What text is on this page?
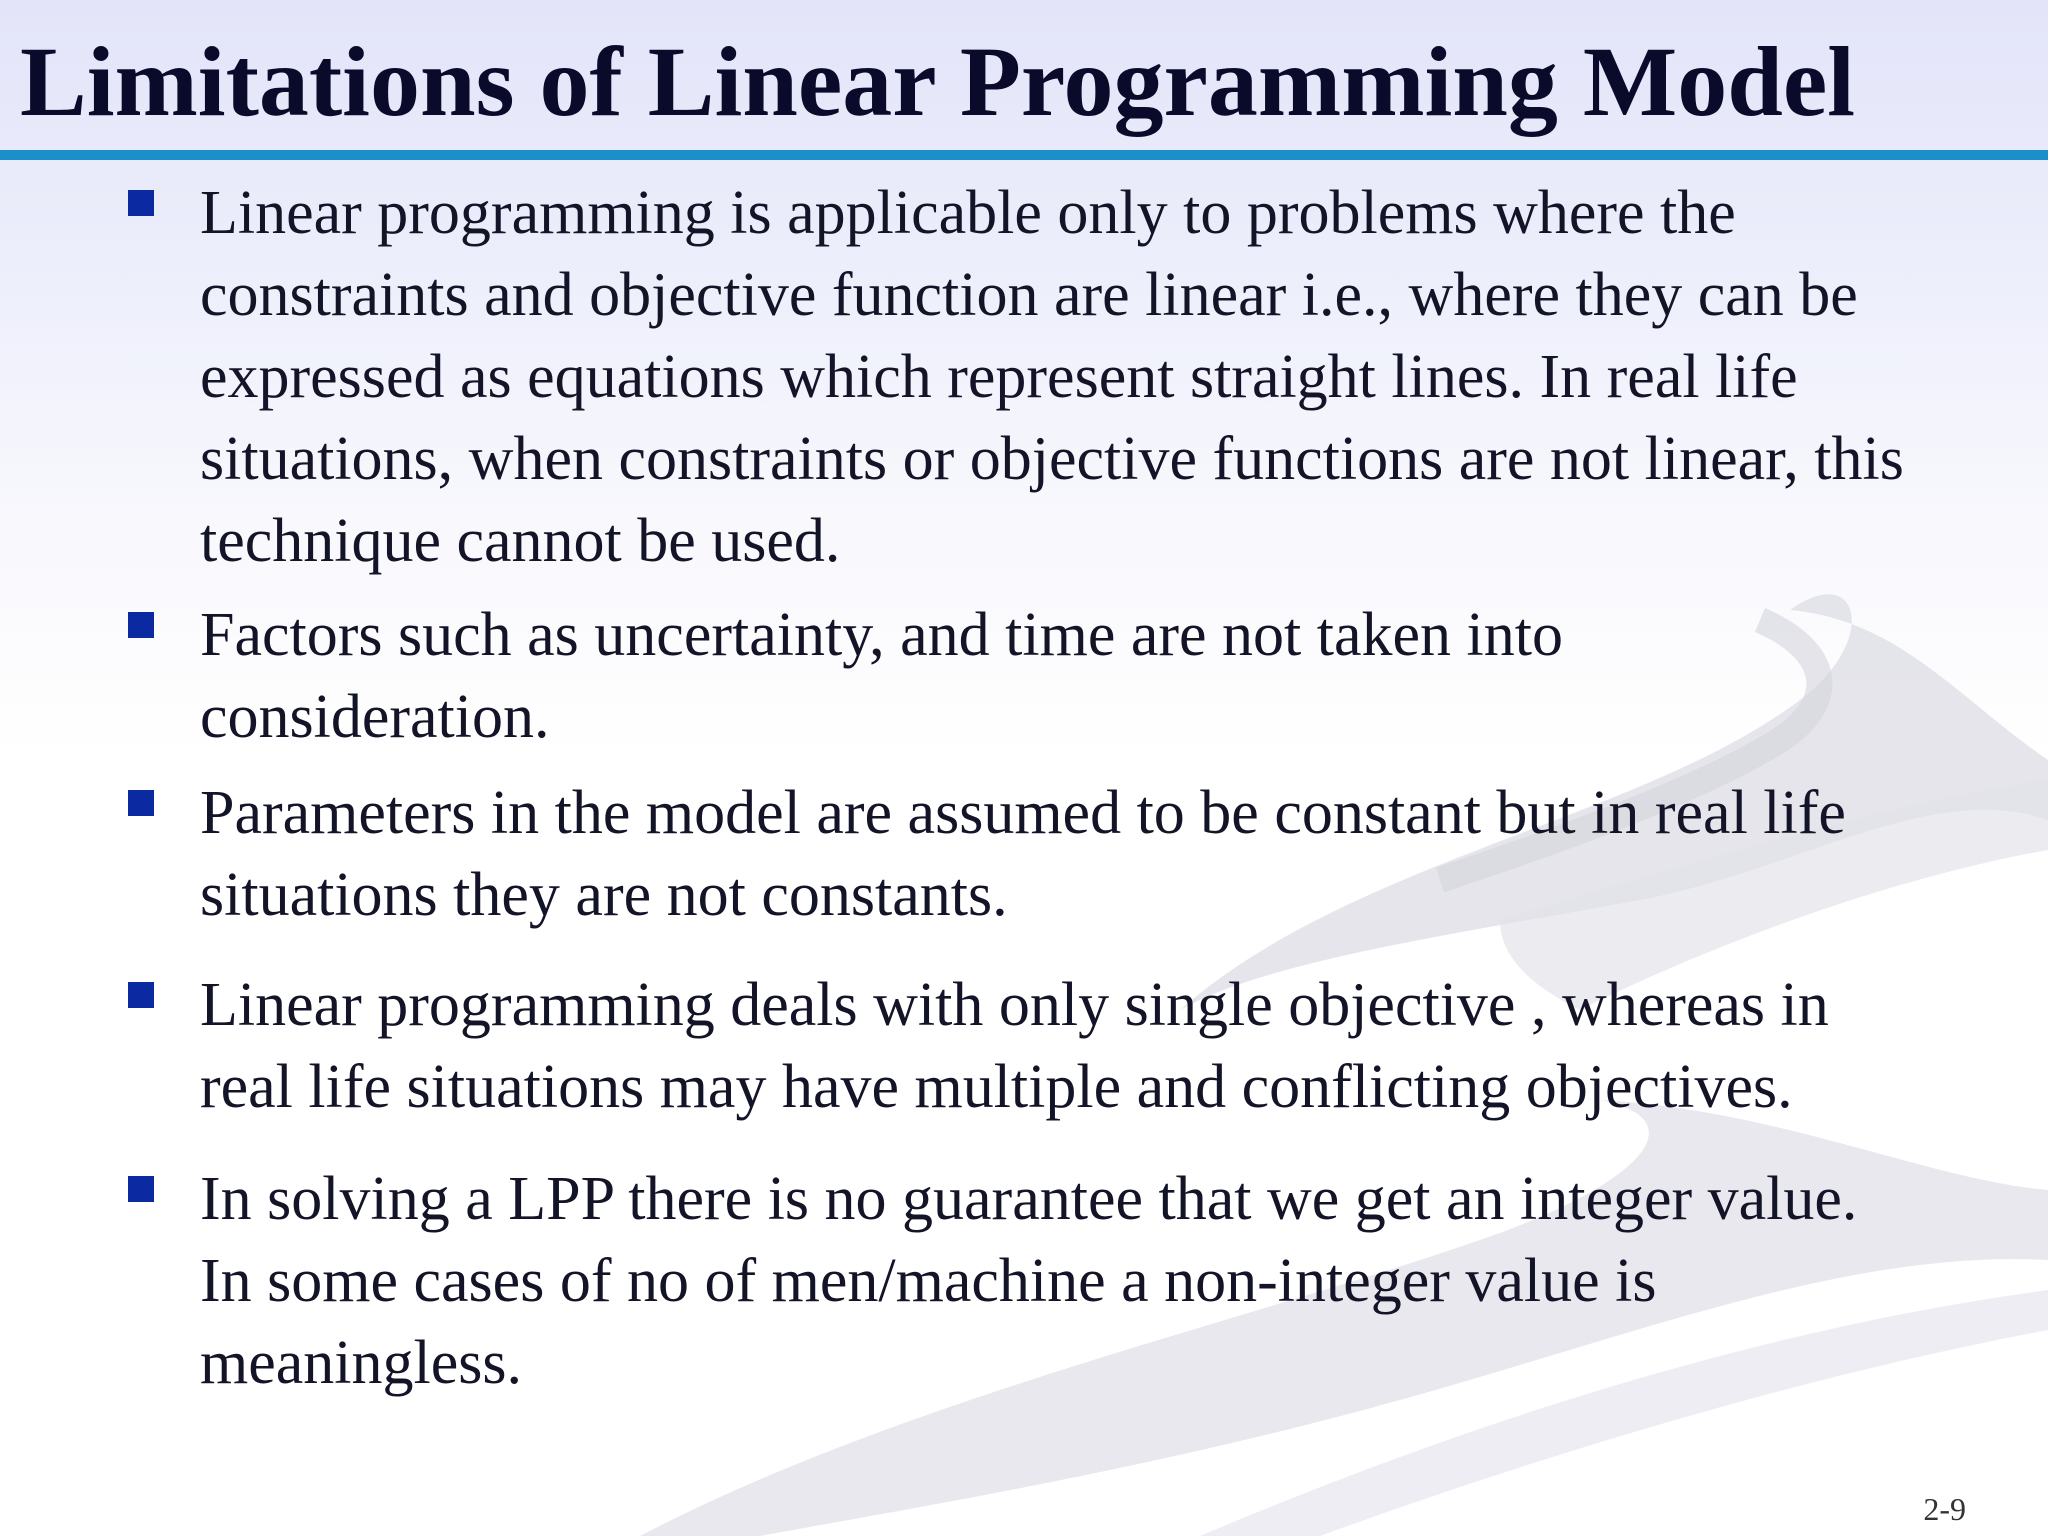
Limitations of Linear Programming Model
Linear programming is applicable only to problems where the constraints and objective function are linear i.e., where they can be expressed as equations which represent straight lines. In real life situations, when constraints or objective functions are not linear, this technique cannot be used.
Factors such as uncertainty, and time are not taken into consideration.
Parameters in the model are assumed to be constant but in real life situations they are not constants.
Linear programming deals with only single objective , whereas in real life situations may have multiple and conflicting objectives.
In solving a LPP there is no guarantee that we get an integer value. In some cases of no of men/machine a non-integer value is meaningless.
2-9
